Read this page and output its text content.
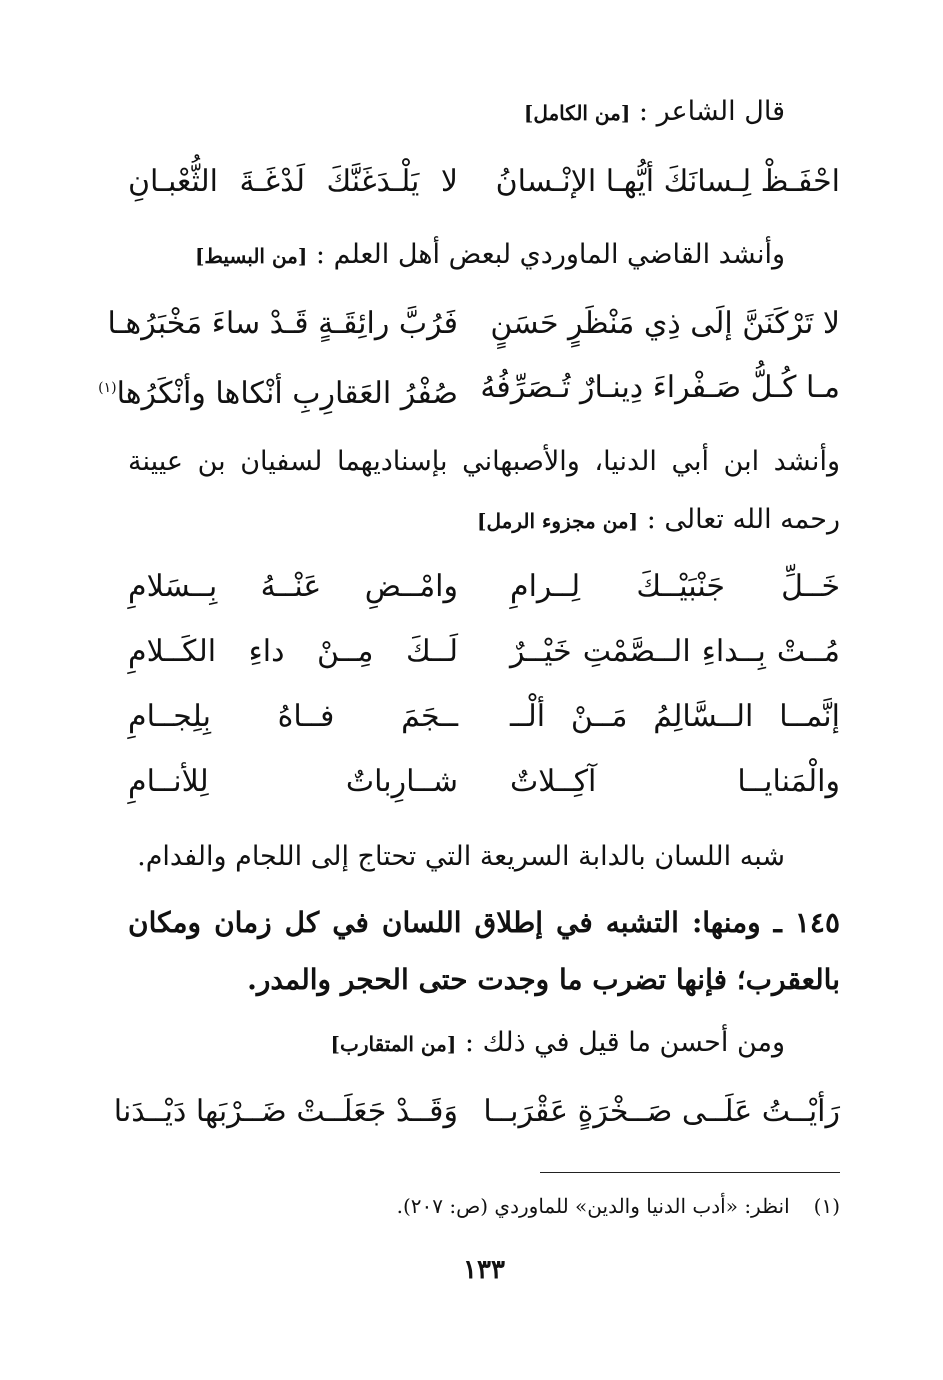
قال الشاعر : [من الكامل]
احْفَـظْ لِـسانَكَ أيُّهـا الإنْـسانُ
لا يَلْـدَغَنَّكَ لَدْغَـةَ الثُّعْبـانِ
وأنشد القاضي الماوردي لبعض أهل العلم : [من البسيط]
لا تَرْكَنَنَّ إلَى ذِي مَنْظَرٍ حَسَنٍ
فَرُبَّ رائِقَـةٍ قَـدْ ساءَ مَخْبَرُهـا
مـا كُـلُّ صَـفْراءَ دِينـارٌ تُـصَرِّفُهُ
صُفْرُ العَقارِبِ أنْكاها وأنْكَرُها$^{(١)}$
وأنشد ابن أبي الدنيا، والأصبهاني بإسناديهما لسفيان بن عيينة
رحمه الله تعالى : [من مجزوء الرمل]
خَــلِّ جَنْبَيْــكَ لِــرامِ
وامْــضِ عَنْــهُ بِــسَلامِ
مُــتْ بِــداءِ الــصَّمْتِ خَيْــرٌ
لَــكَ مِــنْ داءِ الكَــلامِ
إنَّمــا الــسَّالِمُ مَــنْ ألْــ
ــجَمَ فــاهُ بِلِجــامِ
والْمَنايــا آكِــلاتٌ
شــارِباتٌ لِلأنــامِ
شبه اللسان بالدابة السريعة التي تحتاج إلى اللجام والفدام.
١٤٥ ـ ومنها: التشبه في إطلاق اللسان في كل زمان ومكان
بالعقرب؛ فإنها تضرب ما وجدت حتى الحجر والمدر.
ومن أحسن ما قيل في ذلك : [من المتقارب]
رَأيْــتُ عَلَــى صَــخْرَةٍ عَقْرَبــا
وَقَــدْ جَعَلَــتْ ضَــرْبَها دَيْــدَنا
(١)انظر: «أدب الدنيا والدين» للماوردي (ص: ٢٠٧).
١٣٣
